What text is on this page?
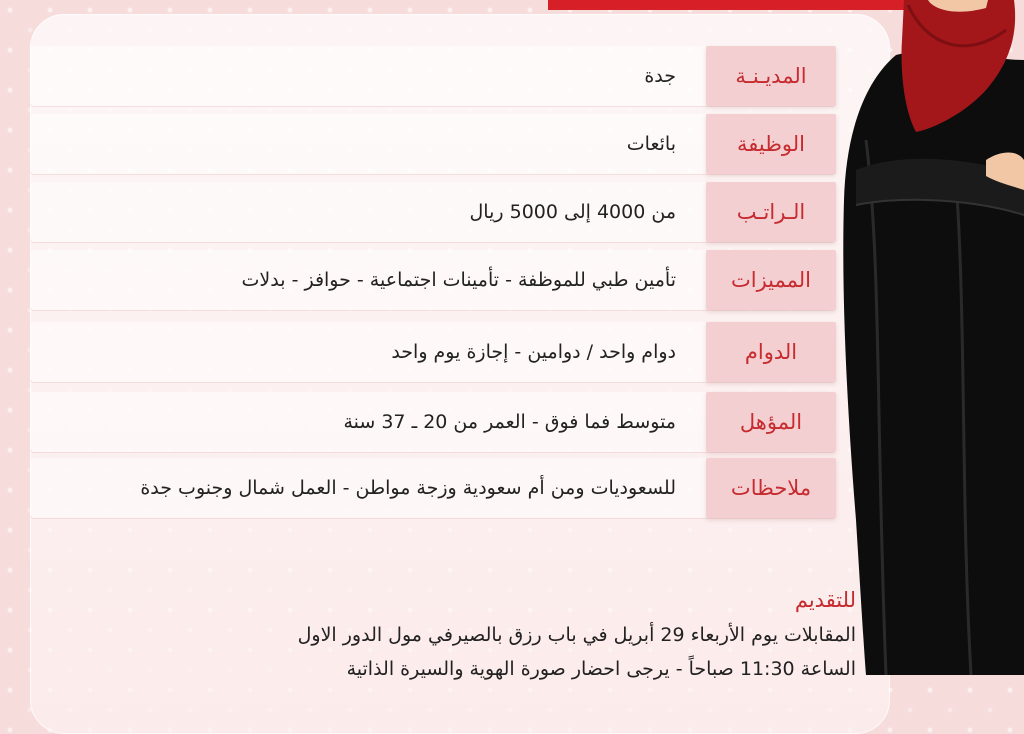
المديـنـة
جدة
الوظيفة
بائعات
الـراتـب
من 4000 إلى 5000 ريال
المميزات
تأمين طبي للموظفة - تأمينات اجتماعية - حوافز - بدلات
الدوام
دوام واحد / دوامين - إجازة يوم واحد
المؤهل
متوسط فما فوق - العمر من 20 ـ 37 سنة
ملاحظات
للسعوديات ومن أم سعودية وزجة مواطن - العمل شمال وجنوب جدة
للتقديم
المقابلات يوم الأربعاء 29 أبريل في باب رزق بالصيرفي مول الدور الاول
الساعة 11:30 صباحاً - يرجى احضار صورة الهوية والسيرة الذاتية
